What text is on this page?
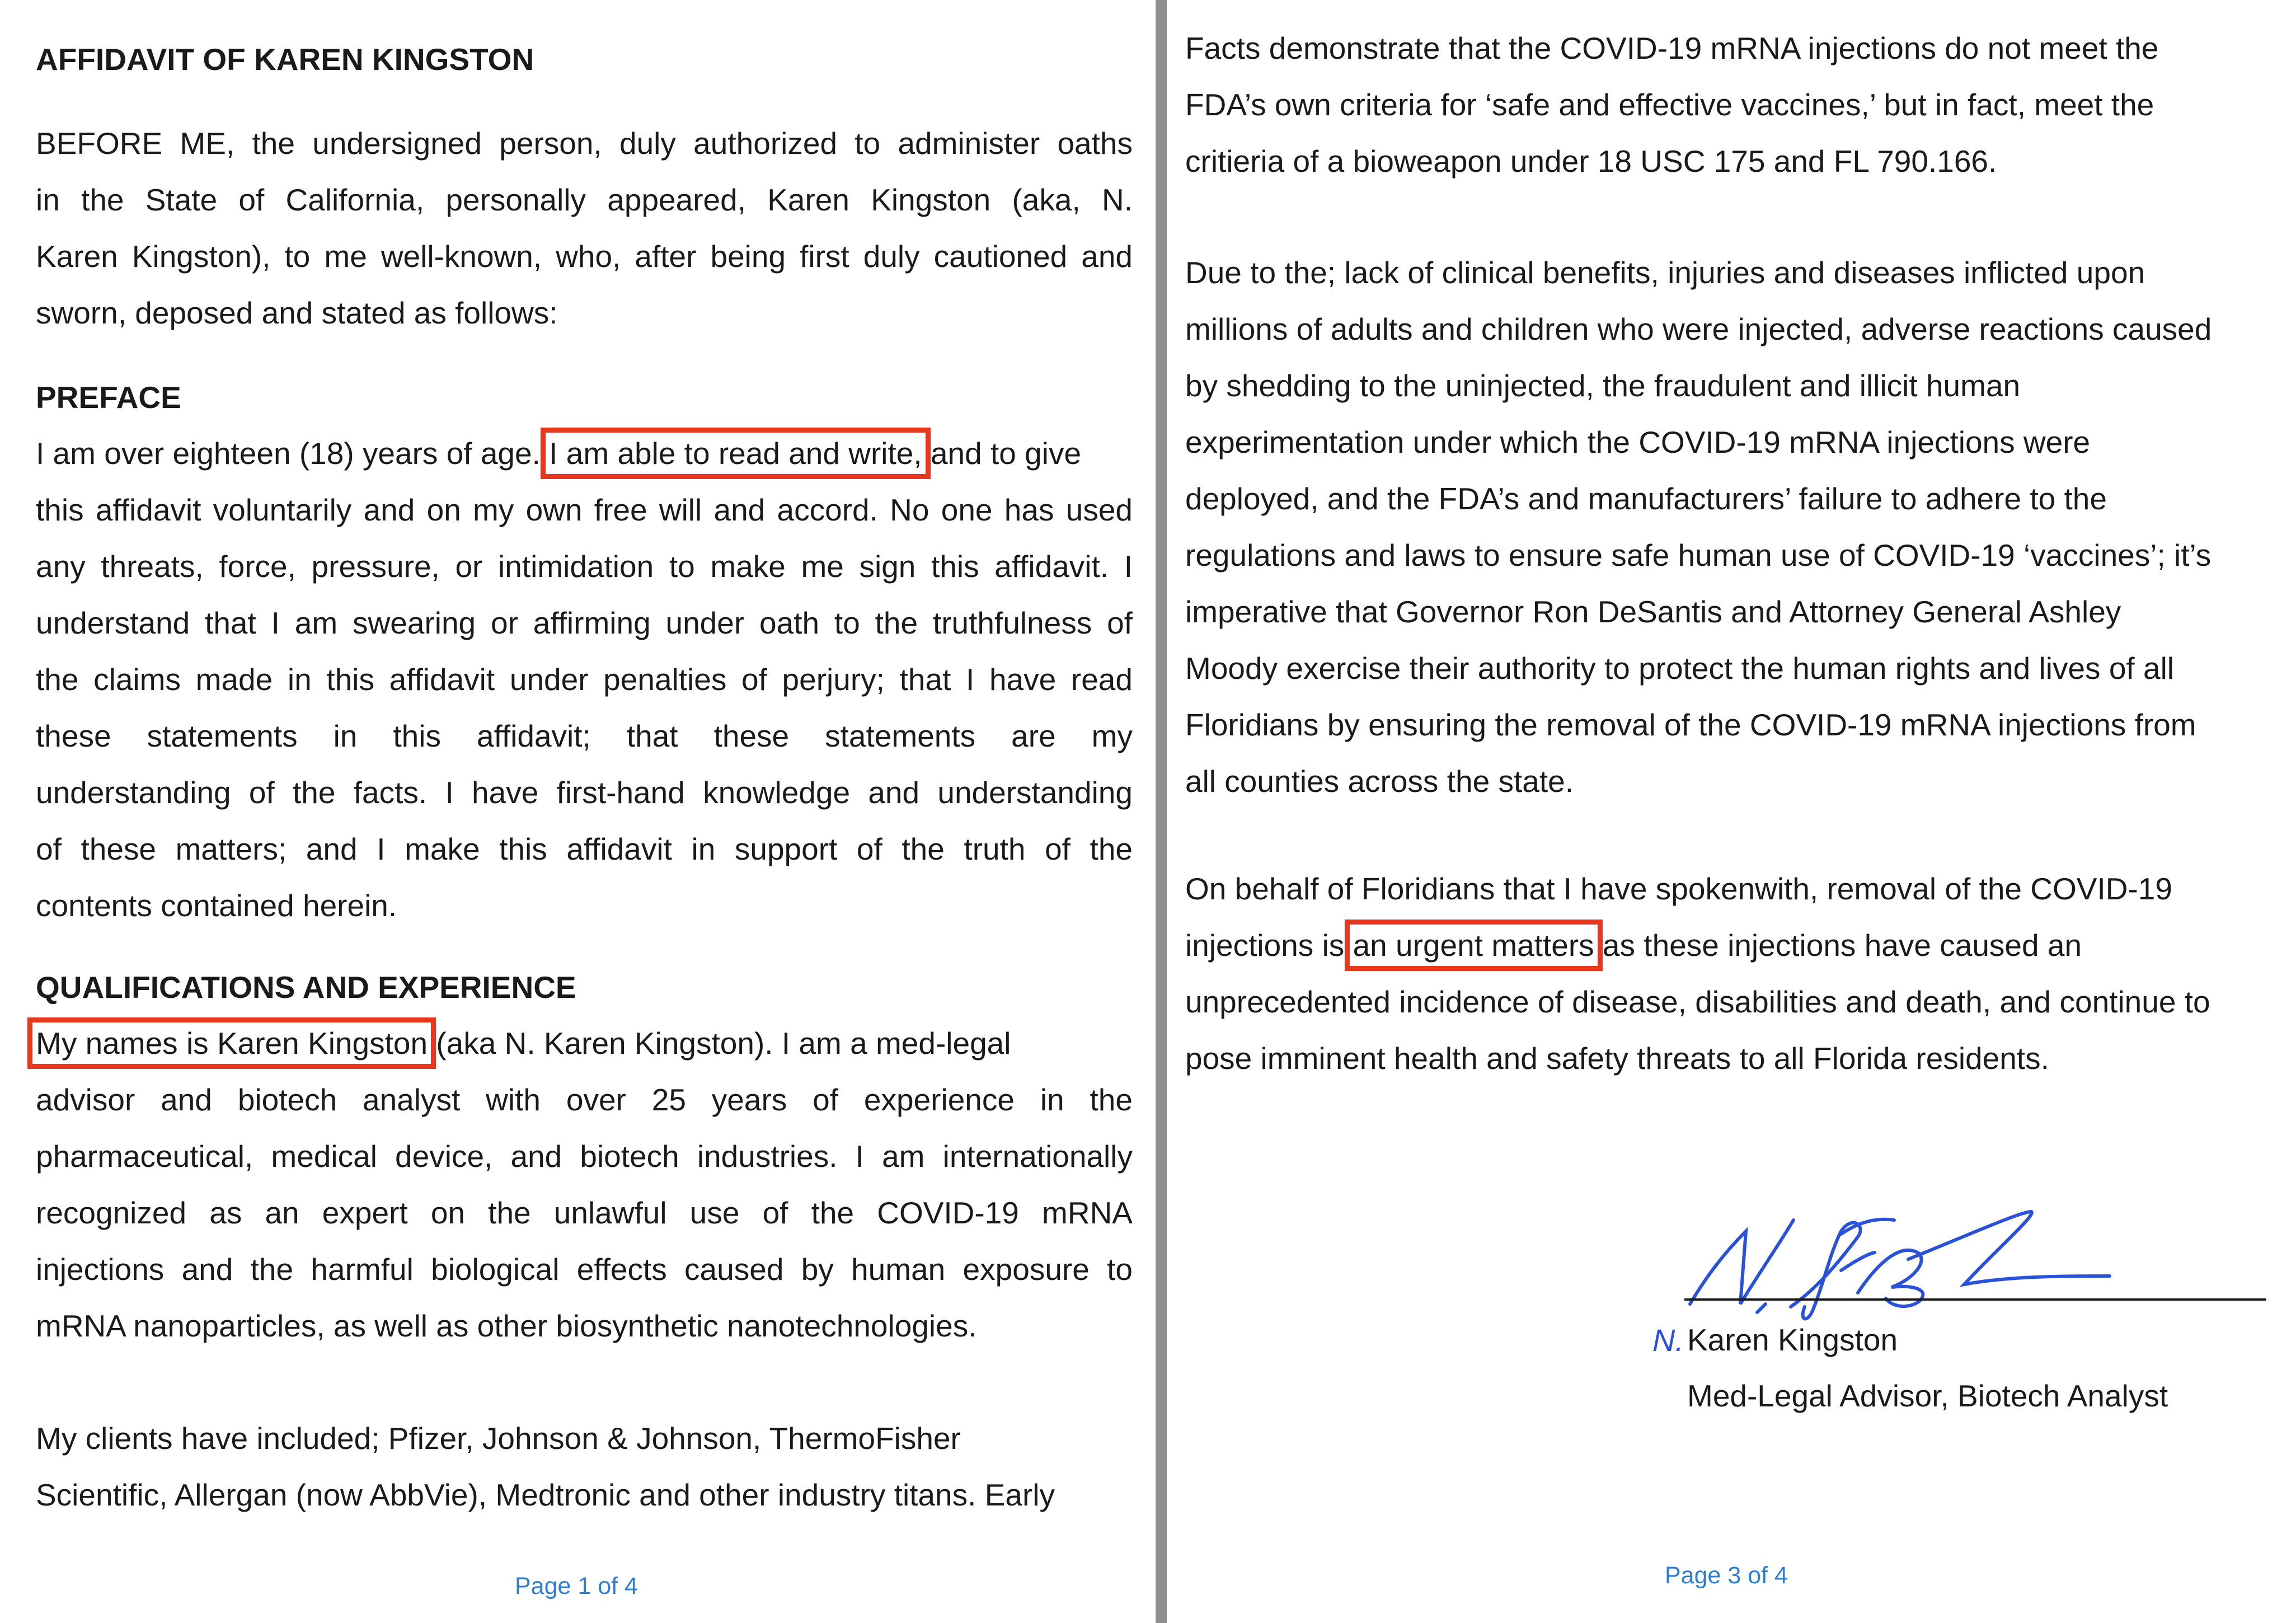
AFFIDAVIT OF KAREN KINGSTON
BEFORE ME, the undersigned person, duly authorized to administer oaths
in the State of California, personally appeared, Karen Kingston (aka, N.
Karen Kingston), to me well-known, who, after being first duly cautioned and
sworn, deposed and stated as follows:
PREFACE
I am over eighteen (18) years of age. I am able to read and write, and to give
this affidavit voluntarily and on my own free will and accord. No one has used
any threats, force, pressure, or intimidation to make me sign this affidavit. I
understand that I am swearing or affirming under oath to the truthfulness of
the claims made in this affidavit under penalties of perjury; that I have read
these statements in this affidavit; that these statements are my
understanding of the facts. I have first-hand knowledge and understanding
of these matters; and I make this affidavit in support of the truth of the
contents contained herein.
QUALIFICATIONS AND EXPERIENCE
My names is Karen Kingston (aka N. Karen Kingston). I am a med-legal
advisor and biotech analyst with over 25 years of experience in the
pharmaceutical, medical device, and biotech industries. I am internationally
recognized as an expert on the unlawful use of the COVID-19 mRNA
injections and the harmful biological effects caused by human exposure to
mRNA nanoparticles, as well as other biosynthetic nanotechnologies.
My clients have included; Pfizer, Johnson & Johnson, ThermoFisher
Scientific, Allergan (now AbbVie), Medtronic and other industry titans. Early
Page 1 of 4
Facts demonstrate that the COVID-19 mRNA injections do not meet the
FDA’s own criteria for ‘safe and effective vaccines,’ but in fact, meet the
critieria of a bioweapon under 18 USC 175 and FL 790.166.
Due to the; lack of clinical benefits, injuries and diseases inflicted upon
millions of adults and children who were injected, adverse reactions caused
by shedding to the uninjected, the fraudulent and illicit human
experimentation under which the COVID-19 mRNA injections were
deployed, and the FDA’s and manufacturers’ failure to adhere to the
regulations and laws to ensure safe human use of COVID-19 ‘vaccines’; it’s
imperative that Governor Ron DeSantis and Attorney General Ashley
Moody exercise their authority to protect the human rights and lives of all
Floridians by ensuring the removal of the COVID-19 mRNA injections from
all counties across the state.
On behalf of Floridians that I have spokenwith, removal of the COVID-19
injections is an urgent matters as these injections have caused an
unprecedented incidence of disease, disabilities and death, and continue to
pose imminent health and safety threats to all Florida residents.
N. Karen Kingston
Med-Legal Advisor, Biotech Analyst
Page 3 of 4
